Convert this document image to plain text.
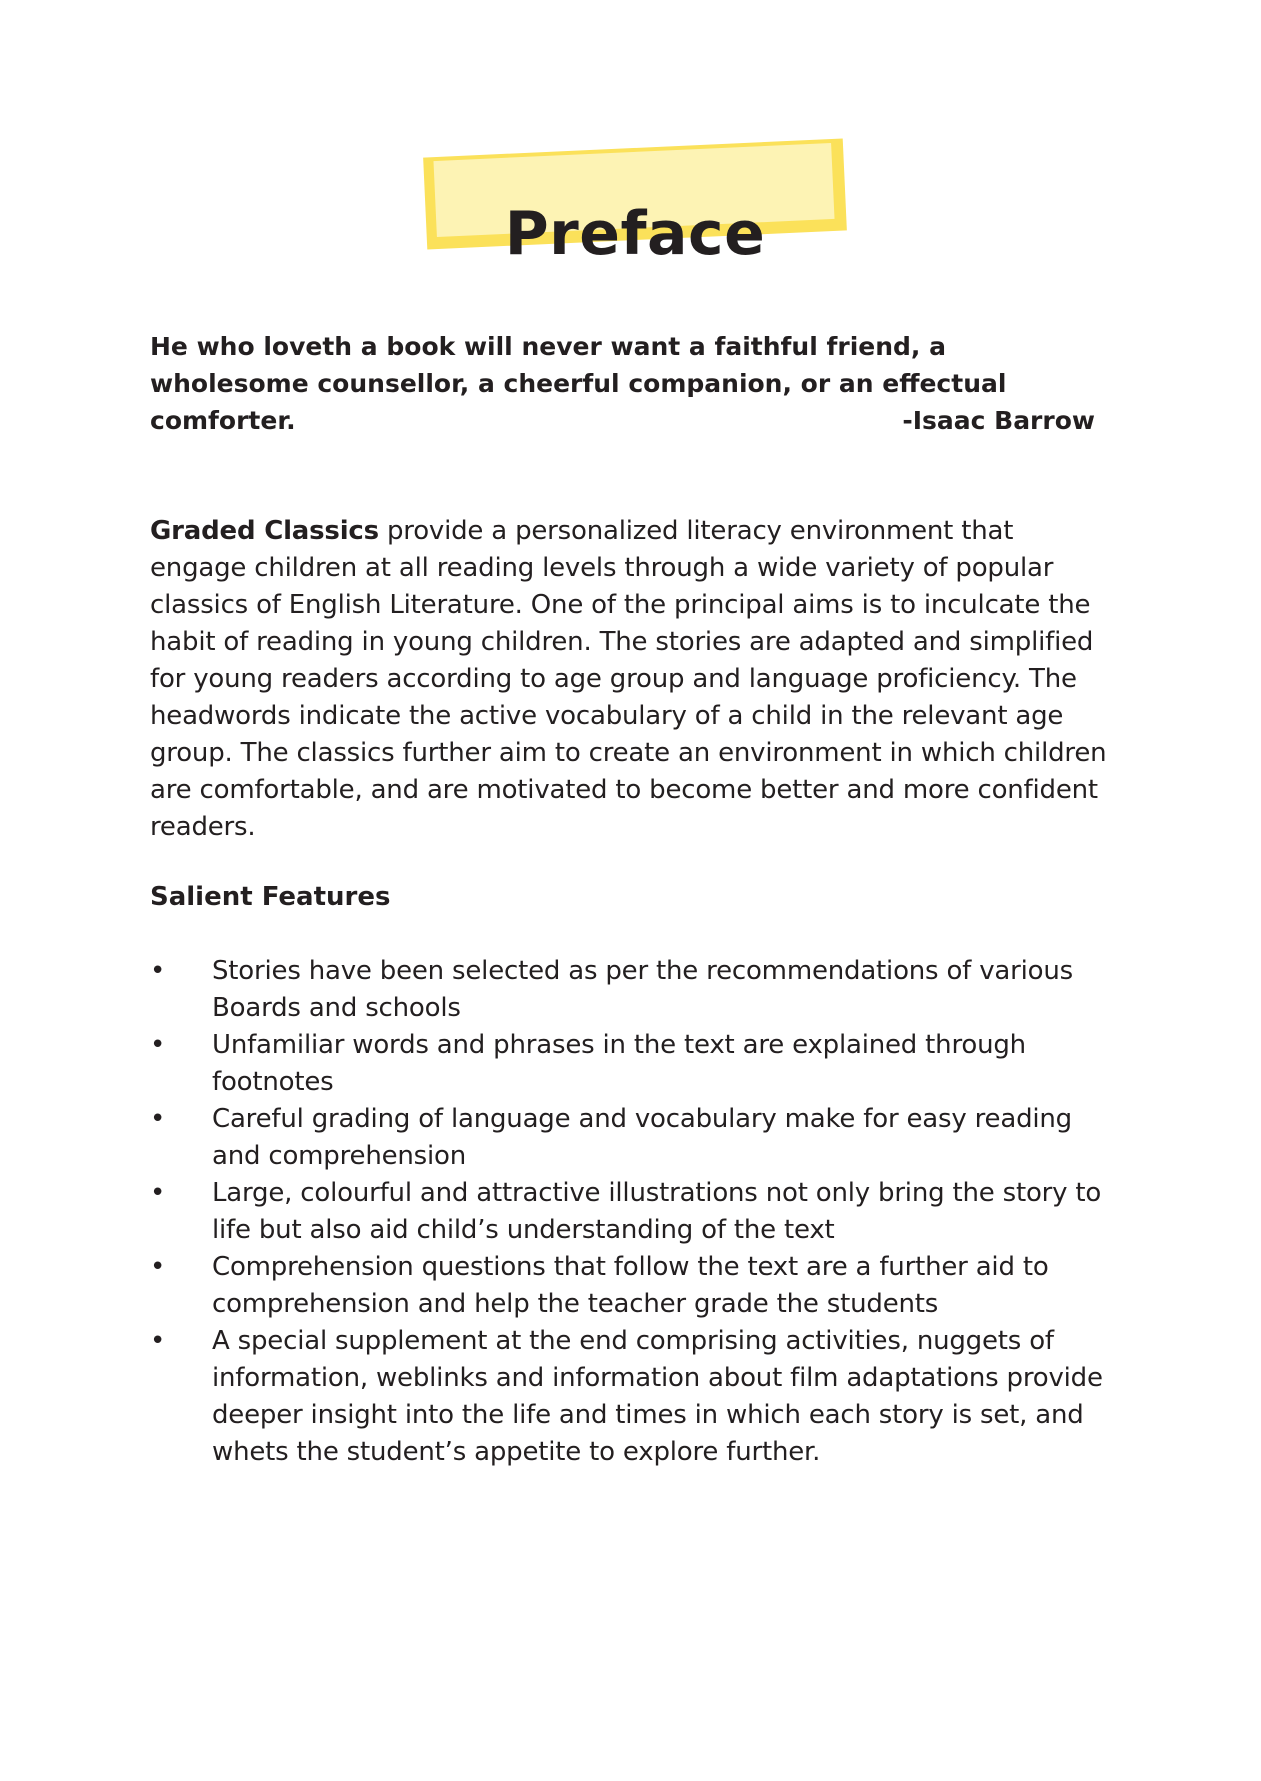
Preface

He who loveth a book will never want a faithful friend, a wholesome counsellor, a cheerful companion, or an effectual comforter.	-Isaac Barrow

Graded Classics provide a personalized literacy environment that engage children at all reading levels through a wide variety of popular classics of English Literature. One of the principal aims is to inculcate the habit of reading in young children. The stories are adapted and simplified for young readers according to age group and language proficiency. The headwords indicate the active vocabulary of a child in the relevant age group. The classics further aim to create an environment in which children are comfortable, and are motivated to become better and more confident readers.

Salient Features
• Stories have been selected as per the recommendations of various Boards and schools
• Unfamiliar words and phrases in the text are explained through footnotes
• Careful grading of language and vocabulary make for easy reading and comprehension
• Large, colourful and attractive illustrations not only bring the story to life but also aid child’s understanding of the text
• Comprehension questions that follow the text are a further aid to comprehension and help the teacher grade the students
• A special supplement at the end comprising activities, nuggets of information, weblinks and information about film adaptations provide deeper insight into the life and times in which each story is set, and whets the student’s appetite to explore further.
